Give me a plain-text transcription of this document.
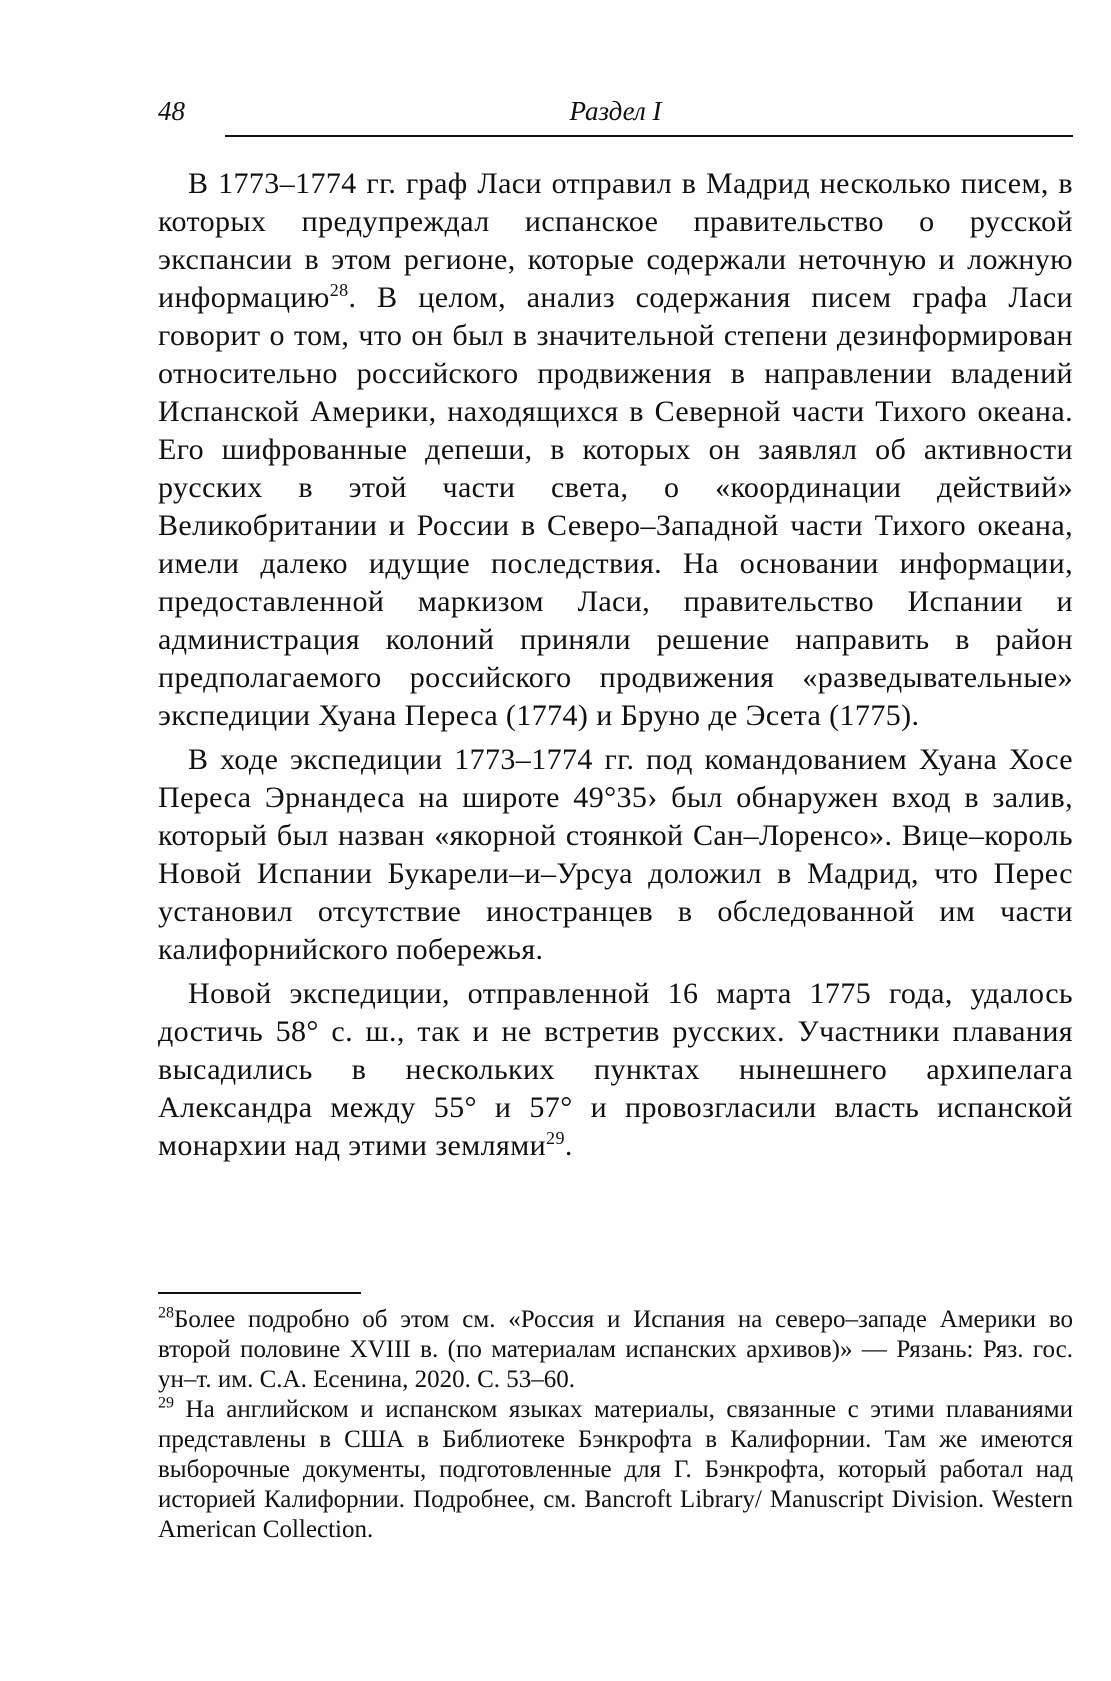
48	Раздел I

В 1773–1774 гг. граф Ласи отправил в Мадрид несколько писем, в которых предупреждал испанское правительство о русской экспансии в этом регионе, которые содержали неточную и ложную информацию$^{28}$. В целом, анализ содержания писем графа Ласи говорит о том, что он был в значительной степени дезинформирован относительно российского продвижения в направлении владений Испанской Америки, находящихся в Северной части Тихого океана. Его шифрованные депеши, в которых он заявлял об активности русских в этой части света, о «координации действий» Великобритании и России в Северо–Западной части Тихого океана, имели далеко идущие последствия. На основании информации, предоставленной маркизом Ласи, правительство Испании и администрация колоний приняли решение направить в район предполагаемого российского продвижения «разведывательные» экспедиции Хуана Переса (1774) и Бруно де Эсета (1775).

В ходе экспедиции 1773–1774 гг. под командованием Хуана Хосе Переса Эрнандеса на широте 49°35› был обнаружен вход в залив, который был назван «якорной стоянкой Сан–Лоренсо». Вице–король Новой Испании Букарели–и–Урсуа доложил в Мадрид, что Перес установил отсутствие иностранцев в обследованной им части калифорнийского побережья.

Новой экспедиции, отправленной 16 марта 1775 года, удалось достичь 58° с. ш., так и не встретив русских. Участники плавания высадились в нескольких пунктах нынешнего архипелага Александра между 55° и 57° и провозгласили власть испанской монархии над этими землями$^{29}$.

$^{28}$Более подробно об этом см. «Россия и Испания на северо–западе Америки во второй половине XVIII в. (по материалам испанских архивов)» — Рязань: Ряз. гос. ун–т. им. С.А. Есенина, 2020. С. 53–60.

$^{29}$ На английском и испанском языках материалы, связанные с этими плаваниями представлены в США в Библиотеке Бэнкрофта в Калифорнии. Там же имеются выборочные документы, подготовленные для Г. Бэнкрофта, который работал над историей Калифорнии. Подробнее, см. Bancroft Library/ Manuscript Division. Western American Collection.
